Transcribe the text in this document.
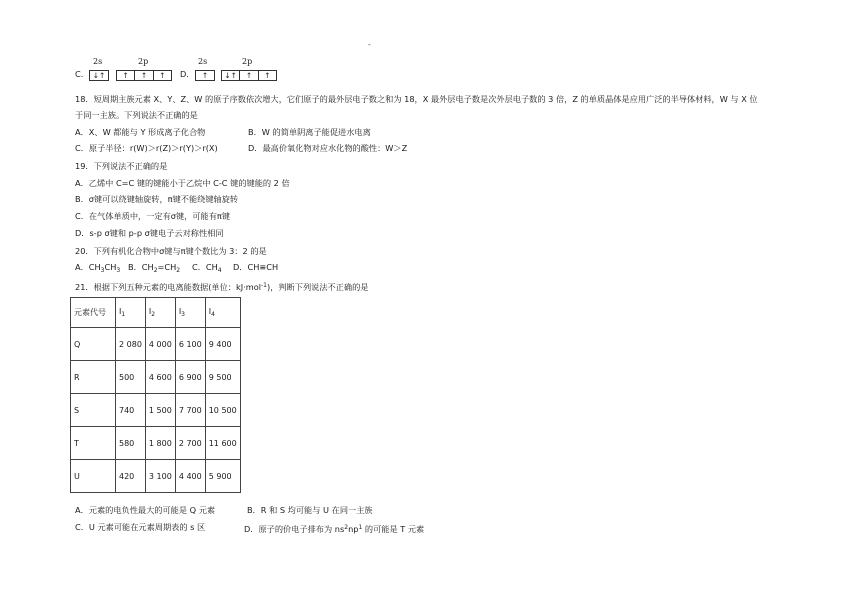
-
C.
2s
↓↑
2p
↑	↑	↑	D.
2s
↑
2p
↓↑	↑	↑
18．短周期主族元素 X、Y、Z、W 的原子序数依次增大，它们原子的最外层电子数之和为 18，X 最外层电子数是次外层电子数的 3 倍，Z 的单质晶体是应用广泛的半导体材料，W 与 X 位
于同一主族。下列说法不正确的是
A．X、W 都能与 Y 形成离子化合物	B．W 的简单阴离子能促进水电离
C．原子半径：r(W)＞r(Z)＞r(Y)＞r(X)	D．最高价氧化物对应水化物的酸性：W＞Z
19．下列说法不正确的是
A．乙烯中 C=C 键的键能小于乙烷中 C-C 键的键能的 2 倍
B．σ键可以绕键轴旋转，π键不能绕键轴旋转
C．在气体单质中，一定有σ键，可能有π键
D．s-p σ键和 p-p σ键电子云对称性相同
20．下列有机化合物中σ键与π键个数比为 3：2 的是
A．$CH_3CH_3$ B．$CH_2=CH_2$ C．$CH_4$ D．CH≡CH
21．根据下列五种元素的电离能数据(单位：kJ·mol$^{-1}$)，判断下列说法不正确的是
元素代号	$I_1$	$I_2$	$I_3$	$I_4$
Q	2 080	4 000	6 100	9 400
R	500	4 600	6 900	9 500
S	740	1 500	7 700	10 500
T	580	1 800	2 700	11 600
U	420	3 100	4 400	5 900
A．元素的电负性最大的可能是 Q 元素	B．R 和 S 均可能与 U 在同一主族
C．U 元素可能在元素周期表的 s 区	D．原子的价电子排布为 $ns^2np^1$ 的可能是 T 元素
